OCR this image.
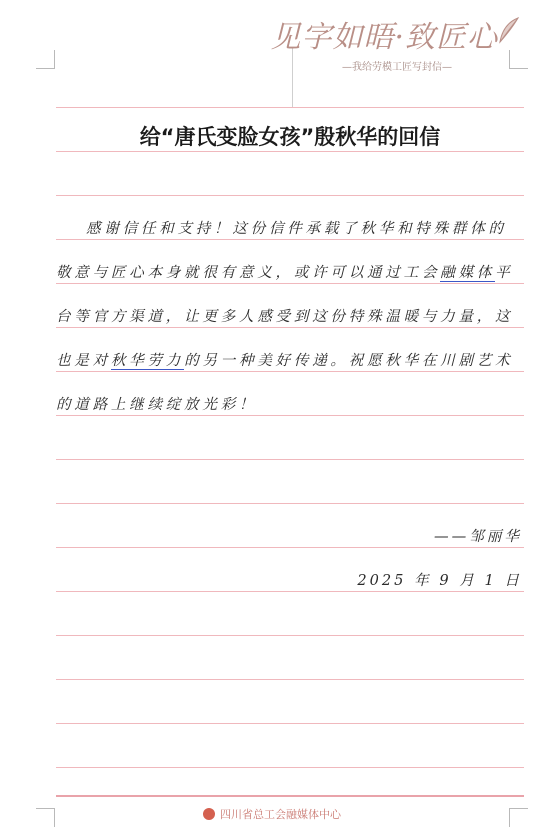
见字如晤·致匠心
—我给劳模工匠写封信—
给“唐氏变脸女孩”殷秋华的回信
感谢信任和支持！这份信件承载了秋华和特殊群体的
敬意与匠心本身就很有意义，或许可以通过工会融媒体平
台等官方渠道，让更多人感受到这份特殊温暖与力量，这
也是对秋华劳力的另一种美好传递。祝愿秋华在川剧艺术
的道路上继续绽放光彩！
——邹丽华
2025 年 9 月 1 日
四川省总工会融媒体中心
